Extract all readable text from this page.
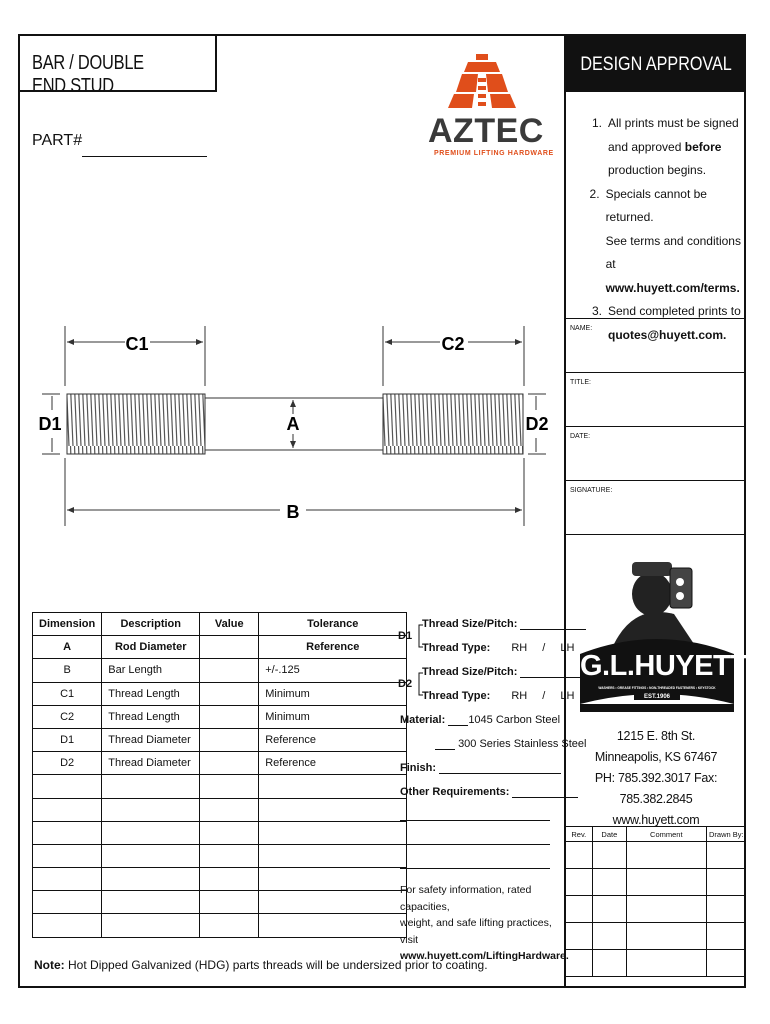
BAR / DOUBLE END STUD
PART#	AZTEC
PREMIUM LIFTING HARDWARE
C1	C2
D1	A	D2
B
Dimension	Description	Value	Tolerance
A	Rod Diameter		Reference
B	Bar Length		+/-.125
C1	Thread Length		Minimum
C2	Thread Length		Minimum
D1	Thread Diameter		Reference
D2	Thread Diameter		Reference

D1
Thread Size/Pitch:
Thread Type: RH / LH
D2
Thread Size/Pitch:
Thread Type: RH / LH
Material: 1045 Carbon Steel
300 Series Stainless Steel
Finish:
Other Requirements:
For safety information, rated capacities,
weight, and safe lifting practices, visit
www.huyett.com/LiftingHardware.
Note: Hot Dipped Galvanized (HDG) parts threads will be undersized prior to coating.
DESIGN APPROVAL
1. All prints must be signed
and approved before
production begins.
2. Specials cannot be returned.
See terms and conditions
at www.huyett.com/terms.
3. Send completed prints to
quotes@huyett.com.
NAME:
TITLE:
DATE:
SIGNATURE:
G.L.HUYETT
WASHERS • GREASE FITTINGS • NON-THREADED FASTENERS • KEYSTOCK
EST.1906
1215 E. 8th St.
Minneapolis, KS 67467
PH: 785.392.3017 Fax: 785.382.2845
www.huyett.com
Rev.	Date	Comment	Drawn By:
